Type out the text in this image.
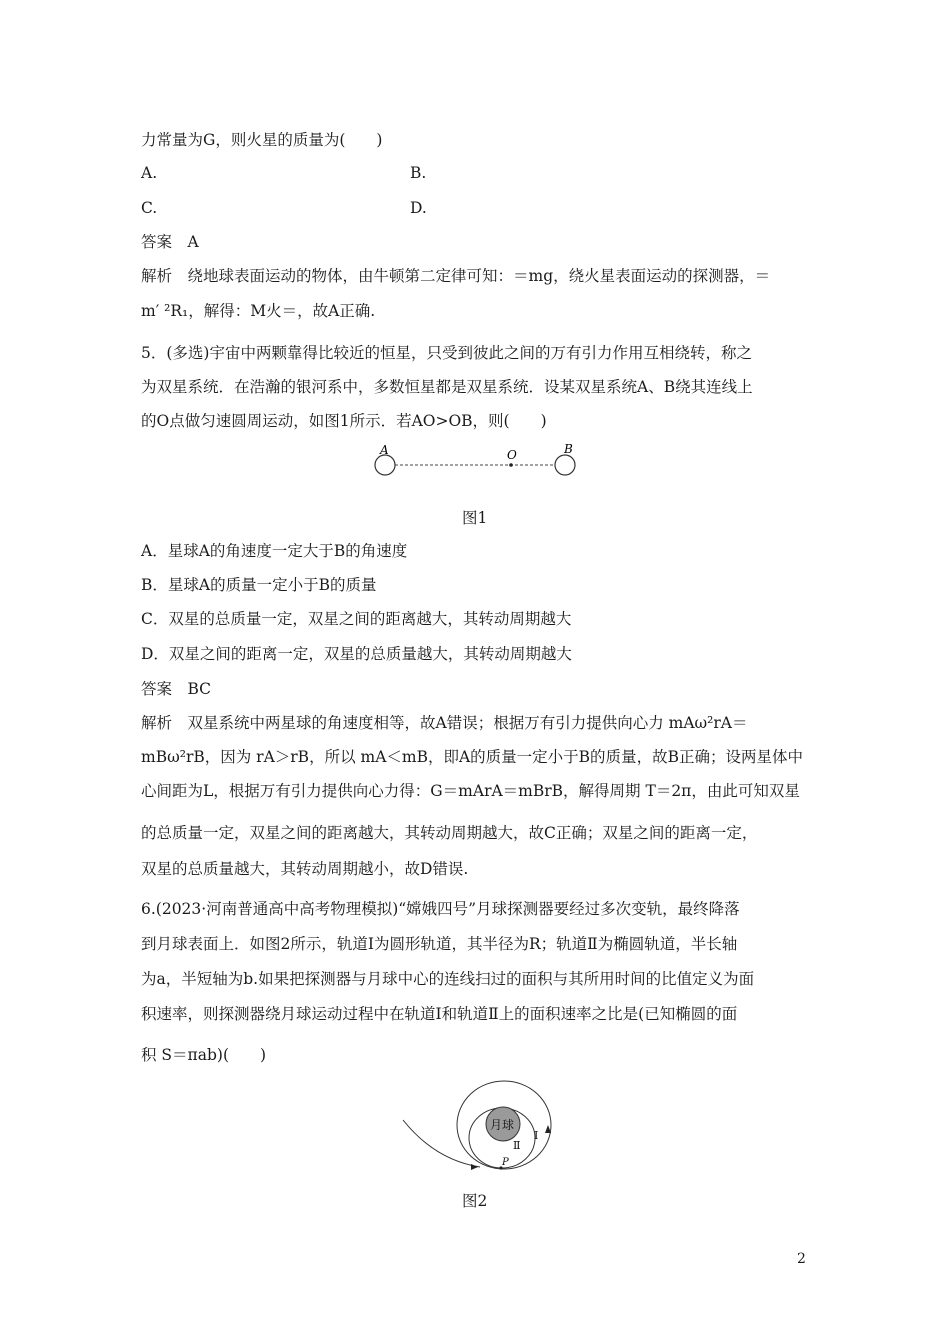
力常量为G，则火星的质量为(　　)
A.	B.
C.	D.
答案　A
解析　绕地球表面运动的物体，由牛顿第二定律可知：＝mg，绕火星表面运动的探测器，＝
m′ ²R₁，解得：M火＝，故A正确.
5．(多选)宇宙中两颗靠得比较近的恒星，只受到彼此之间的万有引力作用互相绕转，称之
为双星系统．在浩瀚的银河系中，多数恒星都是双星系统．设某双星系统A、B绕其连线上
的O点做匀速圆周运动，如图1所示．若AO>OB，则(　　)
A	O	B
图1
A．星球A的角速度一定大于B的角速度
B．星球A的质量一定小于B的质量
C．双星的总质量一定，双星之间的距离越大，其转动周期越大
D．双星之间的距离一定，双星的总质量越大，其转动周期越大
答案　BC
解析　双星系统中两星球的角速度相等，故A错误；根据万有引力提供向心力 mAω²rA＝
mBω²rB，因为 rA＞rB，所以 mA＜mB，即A的质量一定小于B的质量，故B正确；设两星体中
心间距为L，根据万有引力提供向心力得：G＝mArA＝mBrB，解得周期 T＝2π，由此可知双星
的总质量一定，双星之间的距离越大，其转动周期越大，故C正确；双星之间的距离一定，
双星的总质量越大，其转动周期越小，故D错误.
6.(2023·河南普通高中高考物理模拟)“嫦娥四号”月球探测器要经过多次变轨，最终降落
到月球表面上．如图2所示，轨道Ⅰ为圆形轨道，其半径为R；轨道Ⅱ为椭圆轨道，半长轴
为a，半短轴为b.如果把探测器与月球中心的连线扫过的面积与其所用时间的比值定义为面
积速率，则探测器绕月球运动过程中在轨道Ⅰ和轨道Ⅱ上的面积速率之比是(已知椭圆的面
积 S＝πab)(　　)
月球
Ⅰ
Ⅱ
P
图2
2
